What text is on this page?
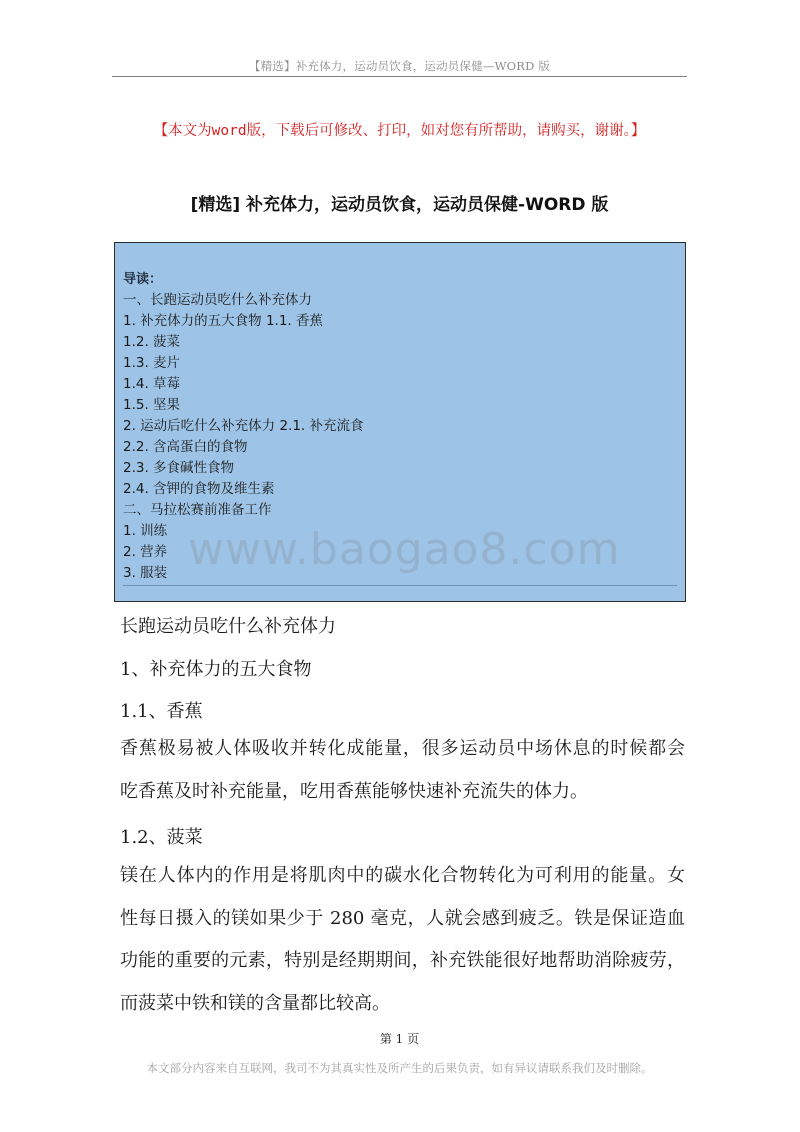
【精选】补充体力，运动员饮食，运动员保健—WORD 版
【本文为word版，下载后可修改、打印，如对您有所帮助，请购买，谢谢。】
[精选] 补充体力，运动员饮食，运动员保健-WORD 版
导读：
一、长跑运动员吃什么补充体力
1. 补充体力的五大食物 1.1. 香蕉
1.2. 菠菜
1.3. 麦片
1.4. 草莓
1.5. 坚果
2. 运动后吃什么补充体力 2.1. 补充流食
2.2. 含高蛋白的食物
2.3. 多食碱性食物
2.4. 含钾的食物及维生素
二、马拉松赛前准备工作
1. 训练
2. 营养
3. 服装 www.baogao8.com
长跑运动员吃什么补充体力
1、补充体力的五大食物
1.1、香蕉
香蕉极易被人体吸收并转化成能量，很多运动员中场休息的时候都会
吃香蕉及时补充能量，吃用香蕉能够快速补充流失的体力。
1.2、菠菜
镁在人体内的作用是将肌肉中的碳水化合物转化为可利用的能量。女
性每日摄入的镁如果少于 280 毫克，人就会感到疲乏。铁是保证造血
功能的重要的元素，特别是经期期间，补充铁能很好地帮助消除疲劳，
而菠菜中铁和镁的含量都比较高。
第 1 页
本文部分内容来自互联网，我司不为其真实性及所产生的后果负责，如有异议请联系我们及时删除。
